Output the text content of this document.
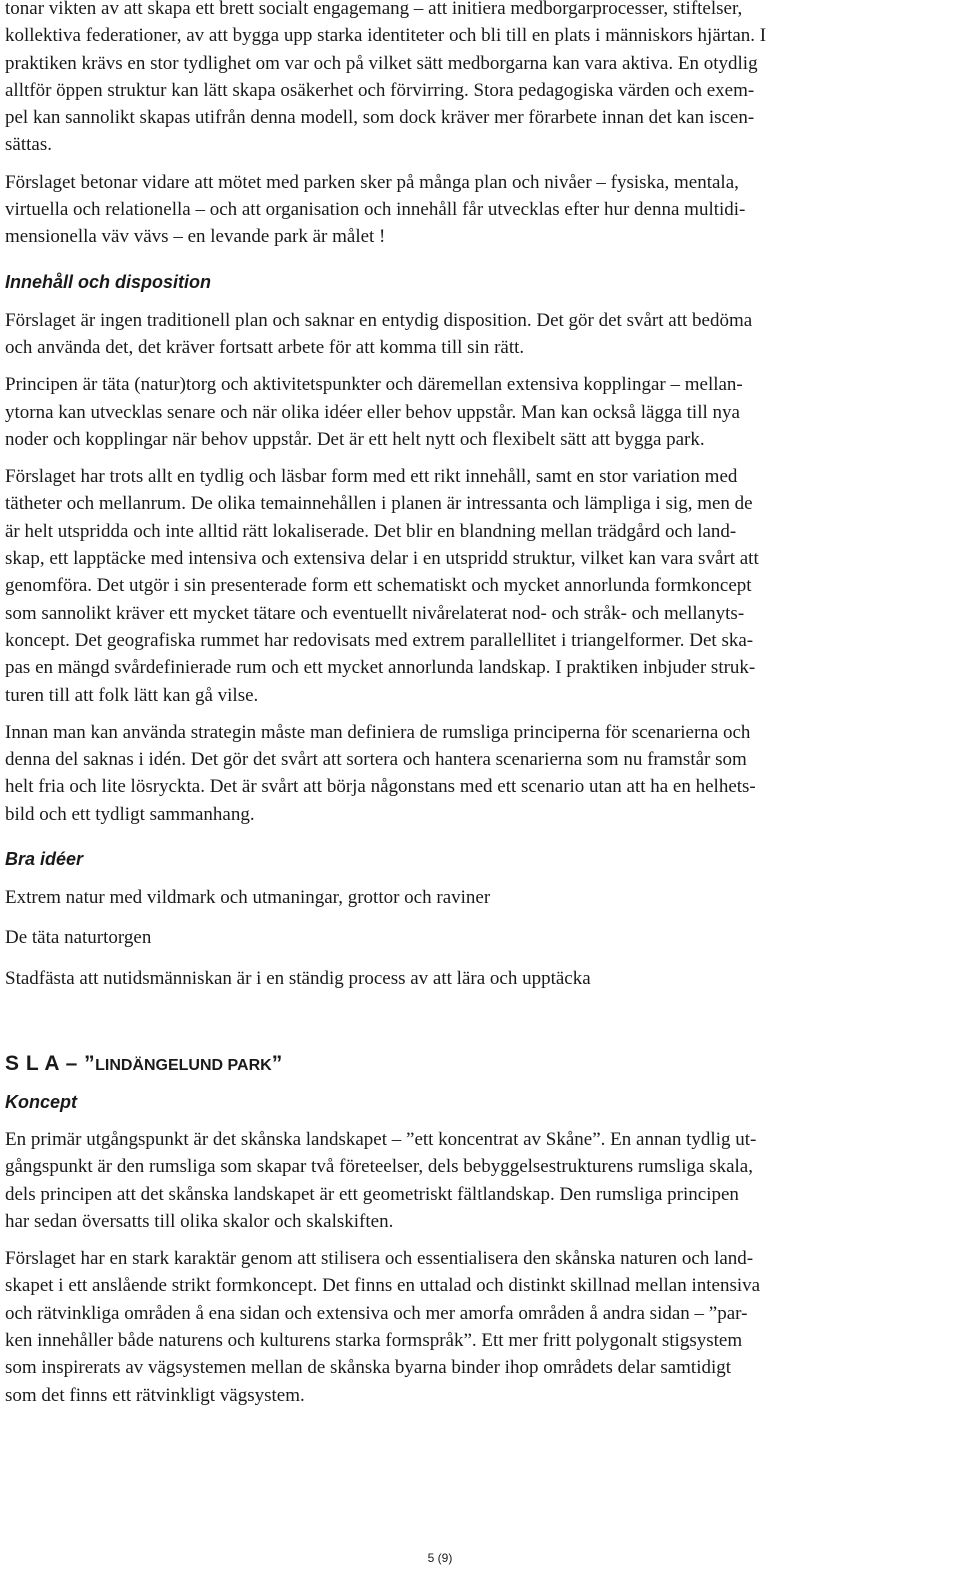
tonar vikten av att skapa ett brett socialt engagemang – att initiera medborgarprocesser, stiftelser,
kollektiva federationer, av att bygga upp starka identiteter och bli till en plats i människors hjärtan. I
praktiken krävs en stor tydlighet om var och på vilket sätt medborgarna kan vara aktiva. En otydlig
alltför öppen struktur kan lätt skapa osäkerhet och förvirring. Stora pedagogiska värden och exem-
pel kan sannolikt skapas utifrån denna modell, som dock kräver mer förarbete innan det kan iscen-
sättas.
Förslaget betonar vidare att mötet med parken sker på många plan och nivåer – fysiska, mentala,
virtuella och relationella – och att organisation och innehåll får utvecklas efter hur denna multidi-
mensionella väv vävs – en levande park är målet !
Innehåll och disposition
Förslaget är ingen traditionell plan och saknar en entydig disposition. Det gör det svårt att bedöma
och använda det, det kräver fortsatt arbete för att komma till sin rätt.
Principen är täta (natur)torg och aktivitetspunkter och däremellan extensiva kopplingar – mellan-
ytorna kan utvecklas senare och när olika idéer eller behov uppstår. Man kan också lägga till nya
noder och kopplingar när behov uppstår. Det är ett helt nytt och flexibelt sätt att bygga park.
Förslaget har trots allt en tydlig och läsbar form med ett rikt innehåll, samt en stor variation med
tätheter och mellanrum. De olika temainnehållen i planen är intressanta och lämpliga i sig, men de
är helt utspridda och inte alltid rätt lokaliserade. Det blir en blandning mellan trädgård och land-
skap, ett lapptäcke med intensiva och extensiva delar i en utspridd struktur, vilket kan vara svårt att
genomföra. Det utgör i sin presenterade form ett schematiskt och mycket annorlunda formkoncept
som sannolikt kräver ett mycket tätare och eventuellt nivårelaterat nod- och stråk- och mellanyts-
koncept. Det geografiska rummet har redovisats med extrem parallellitet i triangelformer. Det ska-
pas en mängd svårdefinierade rum och ett mycket annorlunda landskap. I praktiken inbjuder struk-
turen till att folk lätt kan gå vilse.
Innan man kan använda strategin måste man definiera de rumsliga principerna för scenarierna och
denna del saknas i idén. Det gör det svårt att sortera och hantera scenarierna som nu framstår som
helt fria och lite lösryckta. Det är svårt att börja någonstans med ett scenario utan att ha en helhets-
bild och ett tydligt sammanhang.
Bra idéer
Extrem natur med vildmark och utmaningar, grottor och raviner
De täta naturtorgen
Stadfästa att nutidsmänniskan är i en ständig process av att lära och upptäcka
S L A – ”LINDÄNGELUND PARK”
Koncept
En primär utgångspunkt är det skånska landskapet – ”ett koncentrat av Skåne”. En annan tydlig ut-
gångspunkt är den rumsliga som skapar två företeelser, dels bebyggelsestrukturens rumsliga skala,
dels principen att det skånska landskapet är ett geometriskt fältlandskap. Den rumsliga principen
har sedan översatts till olika skalor och skalskiften.
Förslaget har en stark karaktär genom att stilisera och essentialisera den skånska naturen och land-
skapet i ett anslående strikt formkoncept. Det finns en uttalad och distinkt skillnad mellan intensiva
och rätvinkliga områden å ena sidan och extensiva och mer amorfa områden å andra sidan – ”par-
ken innehåller både naturens och kulturens starka formspråk”. Ett mer fritt polygonalt stigsystem
som inspirerats av vägsystemen mellan de skånska byarna binder ihop områdets delar samtidigt
som det finns ett rätvinkligt vägsystem.
5 (9)
